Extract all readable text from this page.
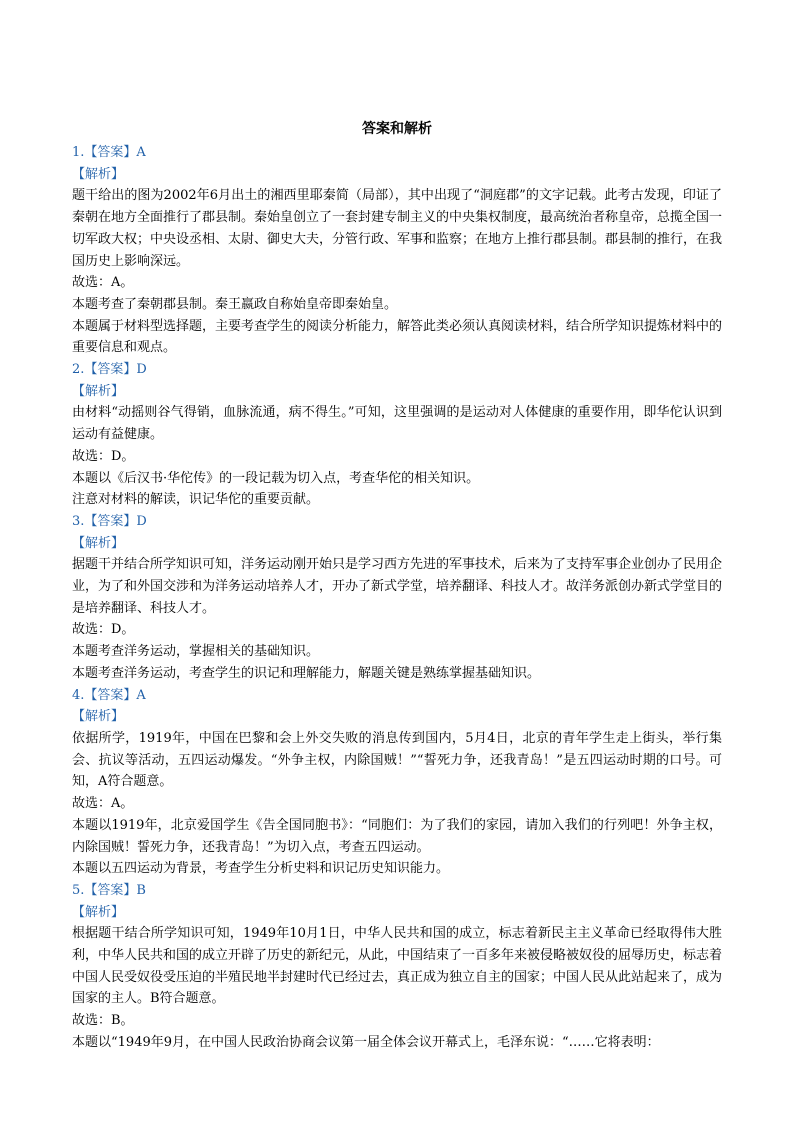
答案和解析
1.【答案】A
【解析】
题干给出的图为2002年6月出土的湘西里耶秦简（局部），其中出现了“洞庭郡”的文字记载。此考古发现，印证了秦朝在地方全面推行了郡县制。秦始皇创立了一套封建专制主义的中央集权制度，最高统治者称皇帝，总揽全国一切军政大权；中央设丞相、太尉、御史大夫，分管行政、军事和监察；在地方上推行郡县制。郡县制的推行，在我国历史上影响深远。
故选：A。
本题考查了秦朝郡县制。秦王嬴政自称始皇帝即秦始皇。
本题属于材料型选择题，主要考查学生的阅读分析能力，解答此类必须认真阅读材料，结合所学知识提炼材料中的重要信息和观点。
2.【答案】D
【解析】
由材料“动摇则谷气得销，血脉流通，病不得生。”可知，这里强调的是运动对人体健康的重要作用，即华佗认识到运动有益健康。
故选：D。
本题以《后汉书·华佗传》的一段记载为切入点，考查华佗的相关知识。
注意对材料的解读，识记华佗的重要贡献。
3.【答案】D
【解析】
据题干并结合所学知识可知，洋务运动刚开始只是学习西方先进的军事技术，后来为了支持军事企业创办了民用企业，为了和外国交涉和为洋务运动培养人才，开办了新式学堂，培养翻译、科技人才。故洋务派创办新式学堂目的是培养翻译、科技人才。
故选：D。
本题考查洋务运动，掌握相关的基础知识。
本题考查洋务运动，考查学生的识记和理解能力，解题关键是熟练掌握基础知识。
4.【答案】A
【解析】
依据所学，1919年，中国在巴黎和会上外交失败的消息传到国内，5月4日，北京的青年学生走上街头，举行集会、抗议等活动，五四运动爆发。“外争主权，内除国贼！”“誓死力争，还我青岛！”是五四运动时期的口号。可知，A符合题意。
故选：A。
本题以1919年，北京爱国学生《告全国同胞书》：“同胞们：为了我们的家园，请加入我们的行列吧！外争主权，内除国贼！誓死力争，还我青岛！”为切入点，考查五四运动。
本题以五四运动为背景，考查学生分析史料和识记历史知识能力。
5.【答案】B
【解析】
根据题干结合所学知识可知，1949年10月1日，中华人民共和国的成立，标志着新民主主义革命已经取得伟大胜利，中华人民共和国的成立开辟了历史的新纪元，从此，中国结束了一百多年来被侵略被奴役的屈辱历史，标志着中国人民受奴役受压迫的半殖民地半封建时代已经过去，真正成为独立自主的国家；中国人民从此站起来了，成为国家的主人。B符合题意。
故选：B。
本题以“1949年9月，在中国人民政治协商会议第一届全体会议开幕式上，毛泽东说：“……它将表明：
